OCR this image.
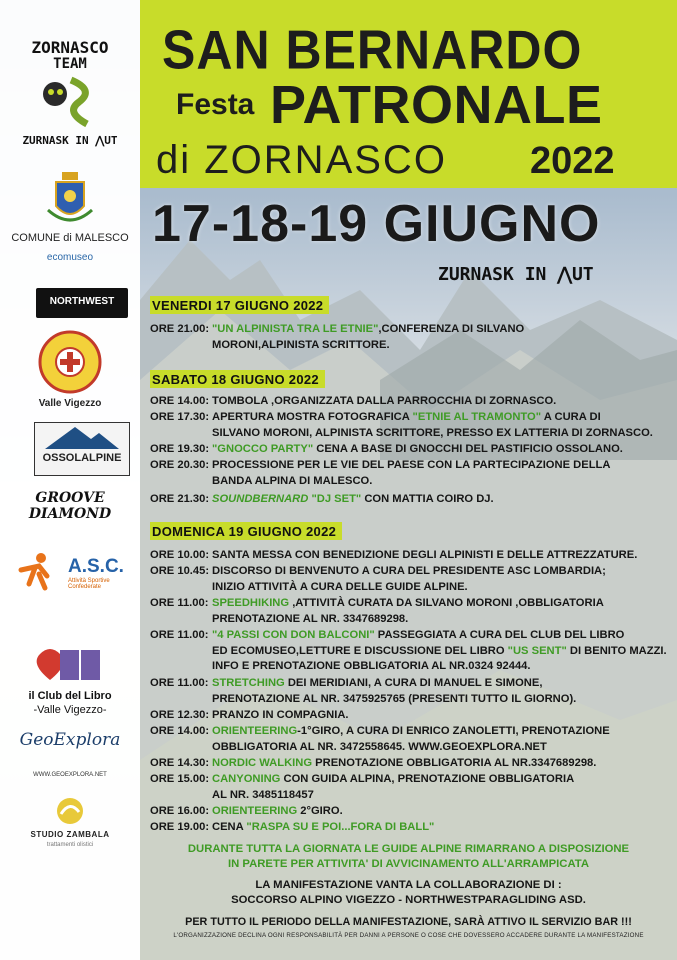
SAN BERNARDO
Festa PATRONALE
di ZORNASCO 2022
ZORNASCO
TEAM
ZURNASK IN ⋀UT
COMUNE di MALESCO
ecomuseo
NORTHWEST
Valle Vigezzo
OSSOLALPINE
GROOVE
DIAMOND
A.S.C.
Attività Sportive Confederate
il Club del Libro
-Valle Vigezzo-
GeoExplora
WWW.GEOEXPLORA.NET
STUDIO ZAMBALA
trattamenti olistici
17-18-19 GIUGNO
ZURNASK IN ⋀UT
VENERDI 17 GIUGNO 2022
ORE 21.00: "UN ALPINISTA TRA LE ETNIE",CONFERENZA DI SILVANO
MORONI,ALPINISTA SCRITTORE.
SABATO 18 GIUGNO 2022
ORE 14.00: TOMBOLA ,ORGANIZZATA DALLA PARROCCHIA DI ZORNASCO.
ORE 17.30: APERTURA MOSTRA FOTOGRAFICA "ETNIE AL TRAMONTO" A CURA DI
SILVANO MORONI, ALPINISTA SCRITTORE, PRESSO EX LATTERIA DI ZORNASCO.
ORE 19.30: "GNOCCO PARTY" CENA A BASE DI GNOCCHI DEL PASTIFICIO OSSOLANO.
ORE 20.30: PROCESSIONE PER LE VIE DEL PAESE CON LA PARTECIPAZIONE DELLA
BANDA ALPINA DI MALESCO.
ORE 21.30: SOUNDBERNARD "DJ SET" CON MATTIA COIRO DJ.
DOMENICA 19 GIUGNO 2022
ORE 10.00: SANTA MESSA CON BENEDIZIONE DEGLI ALPINISTI E DELLE ATTREZZATURE.
ORE 10.45: DISCORSO DI BENVENUTO A CURA DEL PRESIDENTE ASC LOMBARDIA;
INIZIO ATTIVITÀ A CURA DELLE GUIDE ALPINE.
ORE 11.00: SPEEDHIKING ,ATTIVITÀ CURATA DA SILVANO MORONI ,OBBLIGATORIA
PRENOTAZIONE AL NR. 3347689298.
ORE 11.00: "4 PASSI CON DON BALCONI" PASSEGGIATA A CURA DEL CLUB DEL LIBRO
ED ECOMUSEO,LETTURE E DISCUSSIONE DEL LIBRO "US SENT" DI BENITO MAZZI.
INFO E PRENOTAZIONE OBBLIGATORIA AL NR.0324 92444.
ORE 11.00: STRETCHING DEI MERIDIANI, A CURA DI MANUEL E SIMONE,
PRENOTAZIONE AL NR. 3475925765 (PRESENTI TUTTO IL GIORNO).
ORE 12.30: PRANZO IN COMPAGNIA.
ORE 14.00: ORIENTEERING-1°GIRO, A CURA DI ENRICO ZANOLETTI, PRENOTAZIONE
OBBLIGATORIA AL NR. 3472558645. WWW.GEOEXPLORA.NET
ORE 14.30: NORDIC WALKING PRENOTAZIONE OBBLIGATORIA AL NR.3347689298.
ORE 15.00: CANYONING CON GUIDA ALPINA, PRENOTAZIONE OBBLIGATORIA
AL NR. 3485118457
ORE 16.00: ORIENTEERING 2°GIRO.
ORE 19.00: CENA "RASPA SU E POI...FORA DI BALL"
DURANTE TUTTA LA GIORNATA LE GUIDE ALPINE RIMARRANO A DISPOSIZIONE
IN PARETE PER ATTIVITA' DI AVVICINAMENTO ALL'ARRAMPICATA
LA MANIFESTAZIONE VANTA LA COLLABORAZIONE DI :
SOCCORSO ALPINO VIGEZZO - NORTHWESTPARAGLIDING ASD.
PER TUTTO IL PERIODO DELLA MANIFESTAZIONE, SARÀ ATTIVO IL SERVIZIO BAR !!!
L'ORGANIZZAZIONE DECLINA OGNI RESPONSABILITÀ PER DANNI A PERSONE O COSE CHE DOVESSERO ACCADERE DURANTE LA MANIFESTAZIONE
